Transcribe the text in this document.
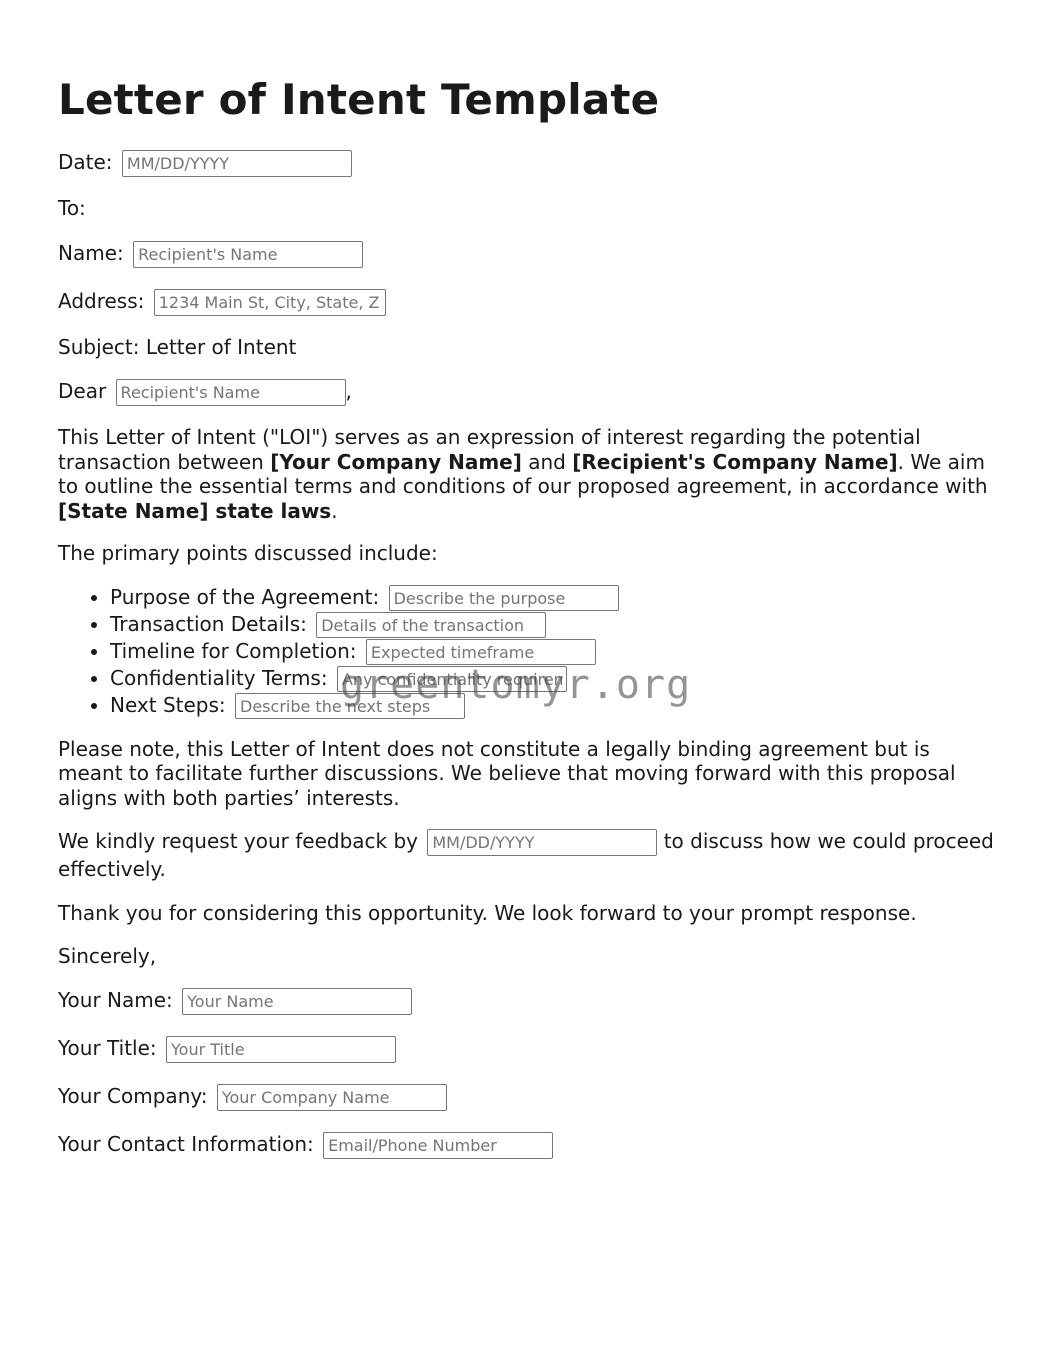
Letter of Intent Template
Date: MM/DD/YYYY

To:

Name: Recipient's Name
Address: 1234 Main St, City, State, ZIP

Subject: Letter of Intent

Dear Recipient's Name	,

This Letter of Intent ("LOI") serves as an expression of interest regarding the potential transaction between [Your Company Name] and [Recipient's Company Name]. We aim to outline the essential terms and conditions of our proposed agreement, in accordance with [State Name] state laws.

The primary points discussed include:

• Purpose of the Agreement: Describe the purpose
• Transaction Details: Details of the transaction
• Timeline for Completion: Expected timeframe
• Confidentiality Terms: Any confidentiality requirements
• Next Steps: Describe the next steps

Please note, this Letter of Intent does not constitute a legally binding agreement but is meant to facilitate further discussions. We believe that moving forward with this proposal aligns with both parties’ interests.

We kindly request your feedback by MM/DD/YYYY	to discuss how we could proceed effectively.

Thank you for considering this opportunity. We look forward to your prompt response.

Sincerely,

Your Name: Your Name
Your Title: Your Title
Your Company: Your Company Name
Your Contact Information: Email/Phone Number
greentomyr.org
